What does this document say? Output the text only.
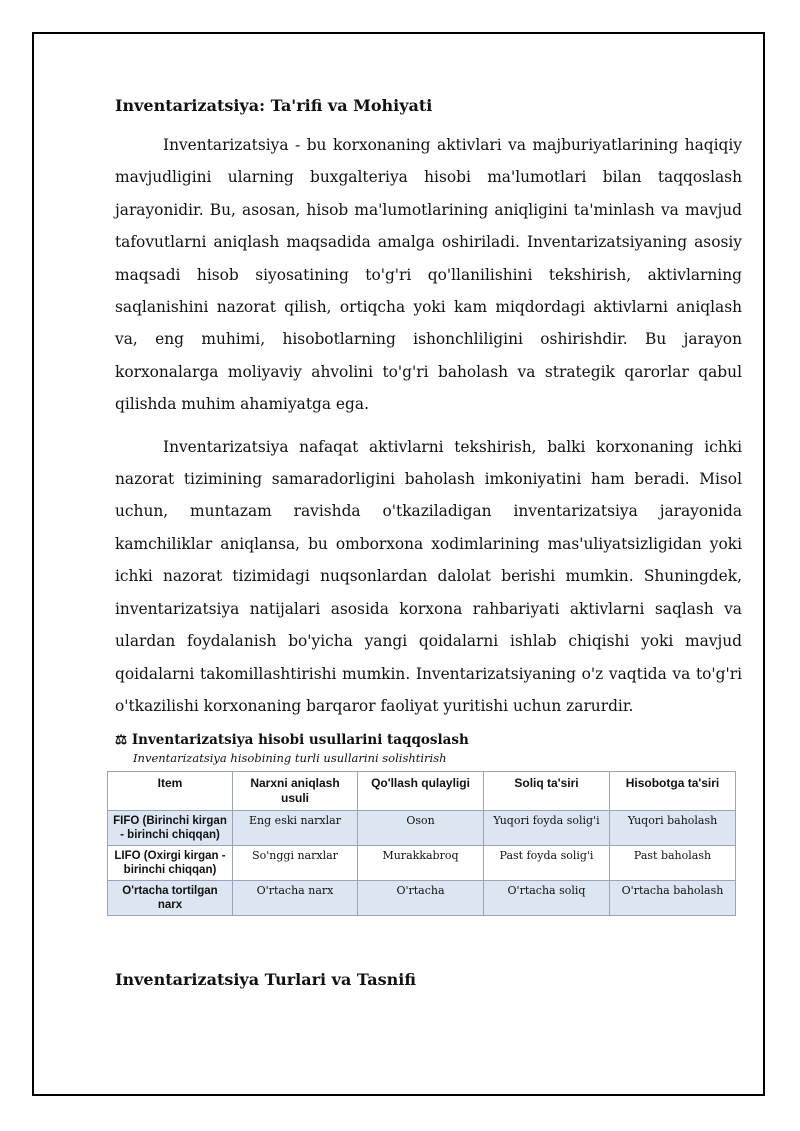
Inventarizatsiya: Ta'rifi va Mohiyati

Inventarizatsiya - bu korxonaning aktivlari va majburiyatlarining haqiqiy mavjudligini ularning buxgalteriya hisobi ma'lumotlari bilan taqqoslash jarayonidir. Bu, asosan, hisob ma'lumotlarining aniqligini ta'minlash va mavjud tafovutlarni aniqlash maqsadida amalga oshiriladi. Inventarizatsiyaning asosiy maqsadi hisob siyosatining to'g'ri qo'llanilishini tekshirish, aktivlarning saqlanishini nazorat qilish, ortiqcha yoki kam miqdordagi aktivlarni aniqlash va, eng muhimi, hisobotlarning ishonchliligini oshirishdir. Bu jarayon korxonalarga moliyaviy ahvolini to'g'ri baholash va strategik qarorlar qabul qilishda muhim ahamiyatga ega.

Inventarizatsiya nafaqat aktivlarni tekshirish, balki korxonaning ichki nazorat tizimining samaradorligini baholash imkoniyatini ham beradi. Misol uchun, muntazam ravishda o'tkaziladigan inventarizatsiya jarayonida kamchiliklar aniqlansa, bu omborxona xodimlarining mas'uliyatsizligidan yoki ichki nazorat tizimidagi nuqsonlardan dalolat berishi mumkin. Shuningdek, inventarizatsiya natijalari asosida korxona rahbariyati aktivlarni saqlash va ulardan foydalanish bo'yicha yangi qoidalarni ishlab chiqishi yoki mavjud qoidalarni takomillashtirishi mumkin. Inventarizatsiyaning o'z vaqtida va to'g'ri o'tkazilishi korxonaning barqaror faoliyat yuritishi uchun zarurdir.

⚖ Inventarizatsiya hisobi usullarini taqqoslash
Inventarizatsiya hisobining turli usullarini solishtirish
Item	Narxni aniqlash usuli	Qo'llash qulayligi	Soliq ta'siri	Hisobotga ta'siri
FIFO (Birinchi kirgan - birinchi chiqqan)	Eng eski narxlar	Oson	Yuqori foyda solig'i	Yuqori baholash
LIFO (Oxirgi kirgan - birinchi chiqqan)	So'nggi narxlar	Murakkabroq	Past foyda solig'i	Past baholash
O'rtacha tortilgan narx	O'rtacha narx	O'rtacha	O'rtacha soliq	O'rtacha baholash
Inventarizatsiya Turlari va Tasnifi
